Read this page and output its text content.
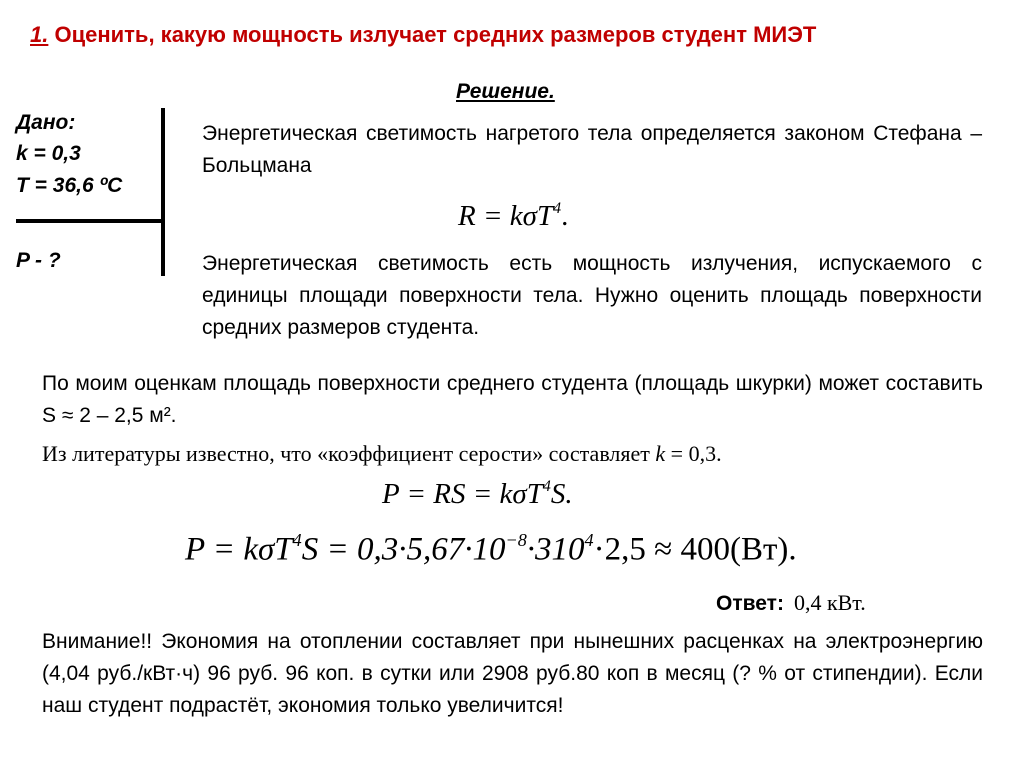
1. Оценить, какую мощность излучает средних размеров студент МИЭТ
Решение.
Дано:
k = 0,3
T = 36,6 ºC
P - ?

Энергетическая светимость нагретого тела определяется законом Стефана – Больцмана

R = kσT$^4$.

Энергетическая светимость есть мощность излучения, испускаемого с единицы площади поверхности тела. Нужно оценить площадь поверхности средних размеров студента.

По моим оценкам площадь поверхности среднего студента (площадь шкурки) может составить S ≈ 2 – 2,5 м².

Из литературы известно, что «коэффициент серости» составляет k = 0,3.

P = RS = kσT$^4$S.
$P = k\sigma T^4S = 0,3\cdot 5,67\cdot 10^{-8}\cdot 310^4\cdot 2,5 \approx 400(Вт)$.
Ответ: 0,4 кВт.

Внимание!! Экономия на отоплении составляет при нынешних расценках на электроэнергию (4,04 руб./кВт·ч) 96 руб. 96 коп. в сутки или 2908 руб.80 коп в месяц (? % от стипендии). Если наш студент подрастёт, экономия только увеличится!
